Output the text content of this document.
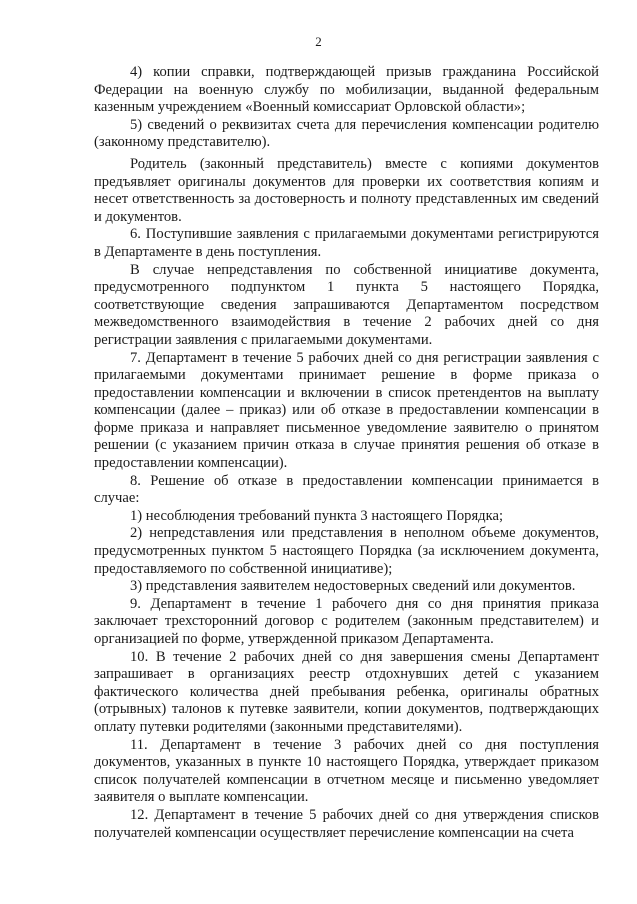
2

4) копии справки, подтверждающей призыв гражданина Российской Федерации на военную службу по мобилизации, выданной федеральным казенным учреждением «Военный комиссариат Орловской области»;

5) сведений о реквизитах счета для перечисления компенсации родителю (законному представителю).

Родитель (законный представитель) вместе с копиями документов предъявляет оригиналы документов для проверки их соответствия копиям и несет ответственность за достоверность и полноту представленных им сведений и документов.

6. Поступившие заявления с прилагаемыми документами регистрируются в Департаменте в день поступления.

В случае непредставления по собственной инициативе документа, предусмотренного подпунктом 1 пункта 5 настоящего Порядка, соответствующие сведения запрашиваются Департаментом посредством межведомственного взаимодействия в течение 2 рабочих дней со дня регистрации заявления с прилагаемыми документами.

7. Департамент в течение 5 рабочих дней со дня регистрации заявления с прилагаемыми документами принимает решение в форме приказа о предоставлении компенсации и включении в список претендентов на выплату компенсации (далее – приказ) или об отказе в предоставлении компенсации в форме приказа и направляет письменное уведомление заявителю о принятом решении (с указанием причин отказа в случае принятия решения об отказе в предоставлении компенсации).

8. Решение об отказе в предоставлении компенсации принимается в случае:

1) несоблюдения требований пункта 3 настоящего Порядка;

2) непредставления или представления в неполном объеме документов, предусмотренных пунктом 5 настоящего Порядка (за исключением документа, предоставляемого по собственной инициативе);

3) представления заявителем недостоверных сведений или документов.

9. Департамент в течение 1 рабочего дня со дня принятия приказа заключает трехсторонний договор с родителем (законным представителем) и организацией по форме, утвержденной приказом Департамента.

10. В течение 2 рабочих дней со дня завершения смены Департамент запрашивает в организациях реестр отдохнувших детей с указанием фактического количества дней пребывания ребенка, оригиналы обратных (отрывных) талонов к путевке заявители, копии документов, подтверждающих оплату путевки родителями (законными представителями).

11. Департамент в течение 3 рабочих дней со дня поступления документов, указанных в пункте 10 настоящего Порядка, утверждает приказом список получателей компенсации в отчетном месяце и письменно уведомляет заявителя о выплате компенсации.

12. Департамент в течение 5 рабочих дней со дня утверждения списков получателей компенсации осуществляет перечисление компенсации на счета
